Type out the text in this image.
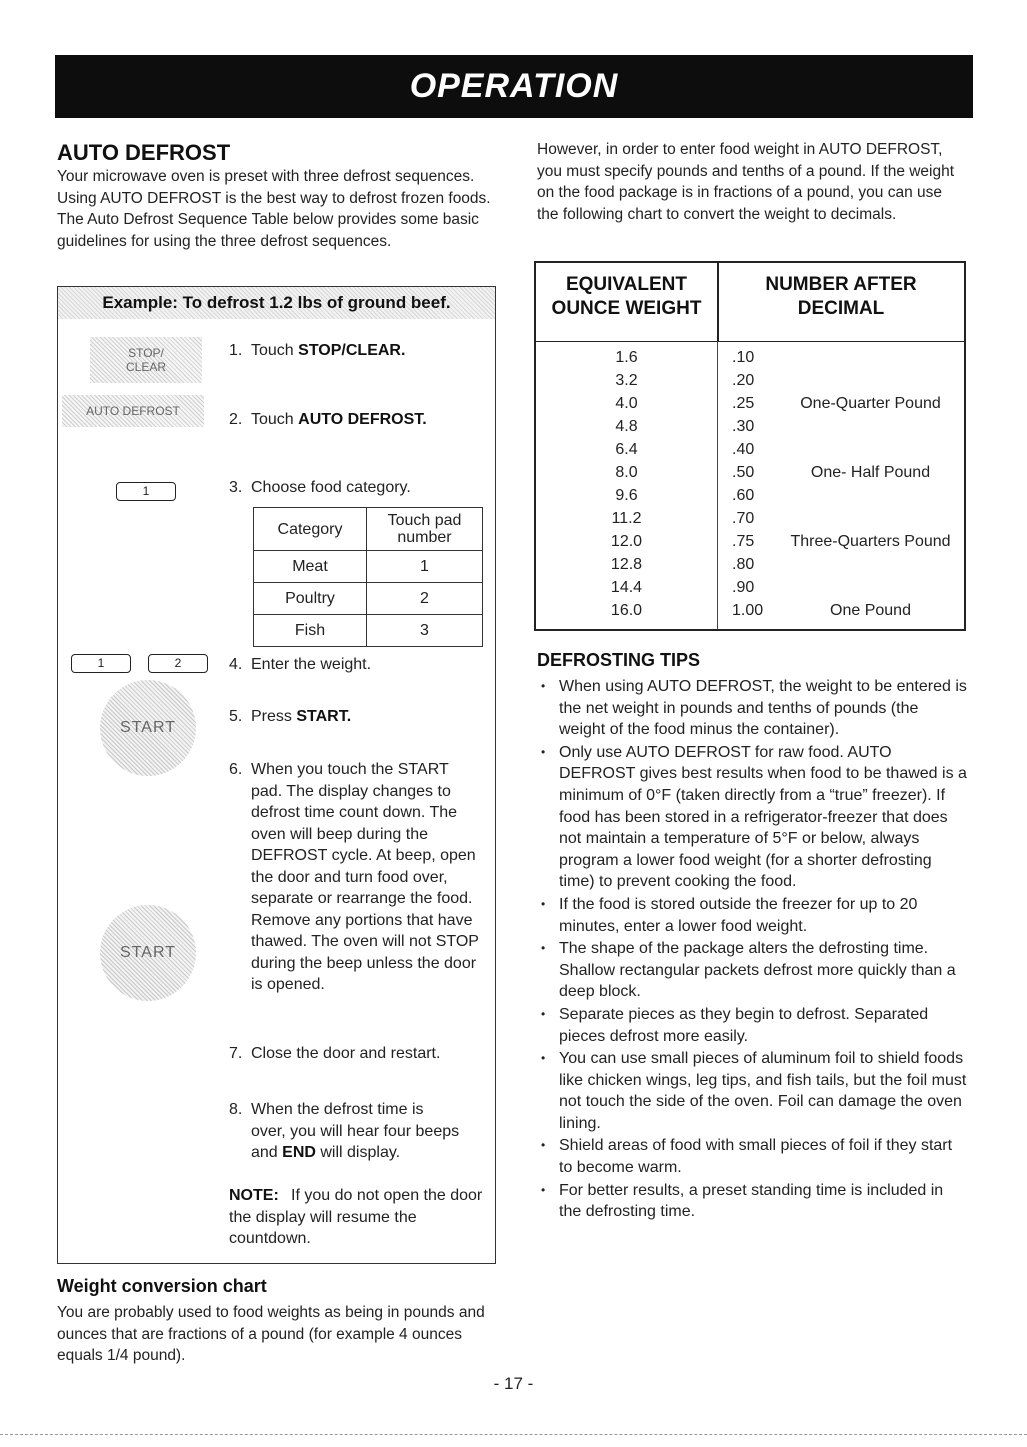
OPERATION
AUTO DEFROST

Your microwave oven is preset with three defrost sequences. Using AUTO DEFROST is the best way to defrost frozen foods. The Auto Defrost Sequence Table below provides some basic guidelines for using the three defrost sequences.

Example: To defrost 1.2 lbs of ground beef.
STOP/ CLEAR
AUTO DEFROST
1
1	2
START
START
1. Touch STOP/CLEAR.
2. Touch AUTO DEFROST.
3. Choose food category.
Category	Touch pad number
Meat	1
Poultry	2
Fish	3
4. Enter the weight.
5. Press START.
6. When you touch the START pad. The display changes to defrost time count down. The oven will beep during the DEFROST cycle. At beep, open the door and turn food over, separate or rearrange the food. Remove any portions that have thawed. The oven will not STOP during the beep unless the door is opened.
7. Close the door and restart.
8. When the defrost time is over, you will hear four beeps and END will display.
NOTE:
If you do not open the door the display will resume the countdown.
Weight conversion chart

You are probably used to food weights as being in pounds and ounces that are fractions of a pound (for example 4 ounces equals 1/4 pound).

However, in order to enter food weight in AUTO DEFROST, you must specify pounds and tenths of a pound. If the weight on the food package is in fractions of a pound, you can use the following chart to convert the weight to decimals.

EQUIVALENT
OUNCE WEIGHT
NUMBER AFTER
DECIMAL
1.6	.10
3.2	.20
4.0	.25	One-Quarter Pound
4.8	.30
6.4	.40
8.0	.50	One- Half Pound
9.6	.60
11.2	.70
12.0	.75	Three-Quarters Pound
12.8	.80
14.4	.90
16.0	1.00	One Pound
DEFROSTING TIPS
• When using AUTO DEFROST, the weight to be entered is the net weight in pounds and tenths of pounds (the weight of the food minus the container).
• Only use AUTO DEFROST for raw food. AUTO DEFROST gives best results when food to be thawed is a minimum of 0°F (taken directly from a “true” freezer). If food has been stored in a refrigerator-freezer that does not maintain a temperature of 5°F or below, always program a lower food weight (for a shorter defrosting time) to prevent cooking the food.
• If the food is stored outside the freezer for up to 20 minutes, enter a lower food weight.
• The shape of the package alters the defrosting time. Shallow rectangular packets defrost more quickly than a deep block.
• Separate pieces as they begin to defrost. Separated pieces defrost more easily.
• You can use small pieces of aluminum foil to shield foods like chicken wings, leg tips, and fish tails, but the foil must not touch the side of the oven. Foil can damage the oven lining.
• Shield areas of food with small pieces of foil if they start to become warm.
• For better results, a preset standing time is included in the defrosting time.
- 17 -
